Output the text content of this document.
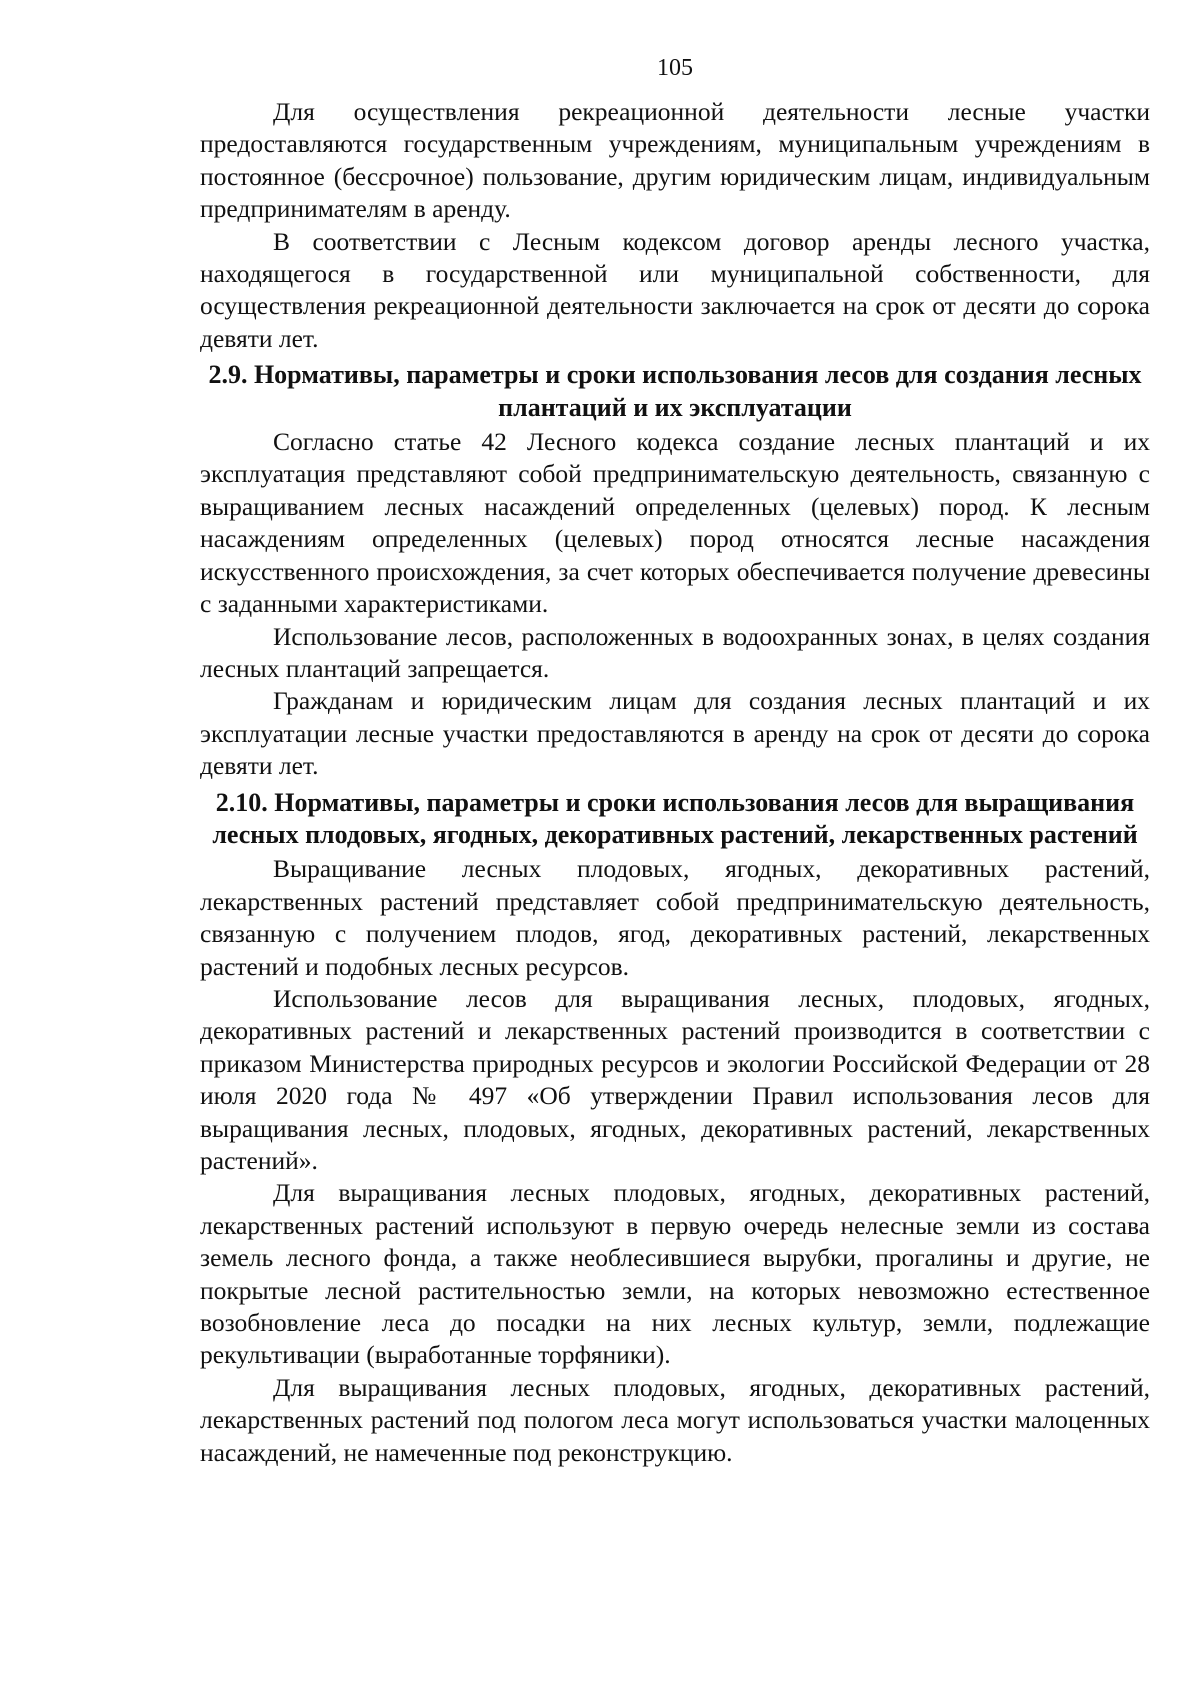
105

Для осуществления рекреационной деятельности лесные участки предоставляются государственным учреждениям, муниципальным учреждениям в постоянное (бессрочное) пользование, другим юридическим лицам, индивидуальным предпринимателям в аренду.

В соответствии с Лесным кодексом договор аренды лесного участка, находящегося в государственной или муниципальной собственности, для осуществления рекреационной деятельности заключается на срок от десяти до сорока девяти лет.

2.9. Нормативы, параметры и сроки использования лесов для создания лесных плантаций и их эксплуатации

Согласно статье 42 Лесного кодекса создание лесных плантаций и их эксплуатация представляют собой предпринимательскую деятельность, связанную с выращиванием лесных насаждений определенных (целевых) пород. К лесным насаждениям определенных (целевых) пород относятся лесные насаждения искусственного происхождения, за счет которых обеспечивается получение древесины с заданными характеристиками.

Использование лесов, расположенных в водоохранных зонах, в целях создания лесных плантаций запрещается.

Гражданам и юридическим лицам для создания лесных плантаций и их эксплуатации лесные участки предоставляются в аренду на срок от десяти до сорока девяти лет.

2.10. Нормативы, параметры и сроки использования лесов для выращивания лесных плодовых, ягодных, декоративных растений, лекарственных растений

Выращивание лесных плодовых, ягодных, декоративных растений, лекарственных растений представляет собой предпринимательскую деятельность, связанную с получением плодов, ягод, декоративных растений, лекарственных растений и подобных лесных ресурсов.

Использование лесов для выращивания лесных, плодовых, ягодных, декоративных растений и лекарственных растений производится в соответствии с приказом Министерства природных ресурсов и экологии Российской Федерации от 28 июля 2020 года № 497 «Об утверждении Правил использования лесов для выращивания лесных, плодовых, ягодных, декоративных растений, лекарственных растений».

Для выращивания лесных плодовых, ягодных, декоративных растений, лекарственных растений используют в первую очередь нелесные земли из состава земель лесного фонда, а также необлесившиеся вырубки, прогалины и другие, не покрытые лесной растительностью земли, на которых невозможно естественное возобновление леса до посадки на них лесных культур, земли, подлежащие рекультивации (выработанные торфяники).

Для выращивания лесных плодовых, ягодных, декоративных растений, лекарственных растений под пологом леса могут использоваться участки малоценных насаждений, не намеченные под реконструкцию.
